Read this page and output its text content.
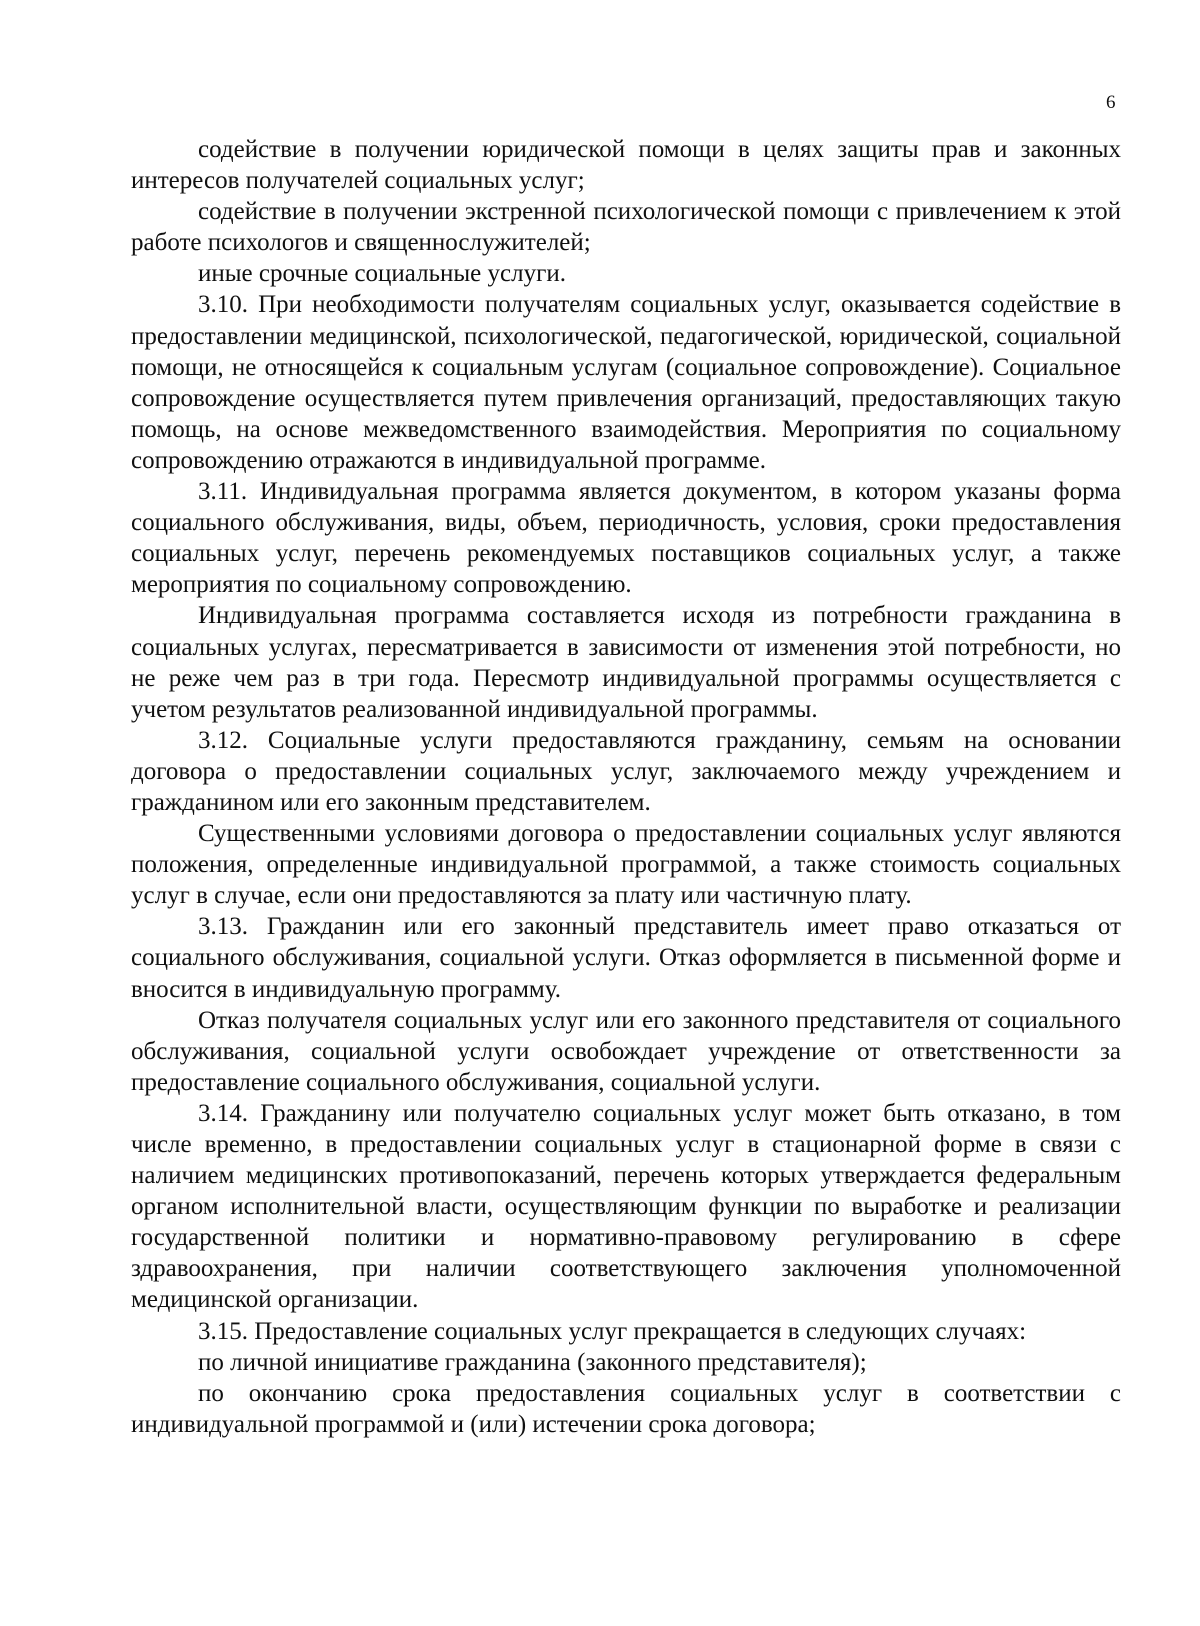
6

содействие в получении юридической помощи в целях защиты прав и законных интересов получателей социальных услуг;

содействие в получении экстренной психологической помощи с привлечением к этой работе психологов и священнослужителей;

иные срочные социальные услуги.

3.10. При необходимости получателям социальных услуг, оказывается содействие в предоставлении медицинской, психологической, педагогической, юридической, социальной помощи, не относящейся к социальным услугам (социальное сопровождение). Социальное сопровождение осуществляется путем привлечения организаций, предоставляющих такую помощь, на основе межведомственного взаимодействия. Мероприятия по социальному сопровождению отражаются в индивидуальной программе.

3.11. Индивидуальная программа является документом, в котором указаны форма социального обслуживания, виды, объем, периодичность, условия, сроки предоставления социальных услуг, перечень рекомендуемых поставщиков социальных услуг, а также мероприятия по социальному сопровождению.

Индивидуальная программа составляется исходя из потребности гражданина в социальных услугах, пересматривается в зависимости от изменения этой потребности, но не реже чем раз в три года. Пересмотр индивидуальной программы осуществляется с учетом результатов реализованной индивидуальной программы.

3.12. Социальные услуги предоставляются гражданину, семьям на основании договора о предоставлении социальных услуг, заключаемого между учреждением и гражданином или его законным представителем.

Существенными условиями договора о предоставлении социальных услуг являются положения, определенные индивидуальной программой, а также стоимость социальных услуг в случае, если они предоставляются за плату или частичную плату.

3.13. Гражданин или его законный представитель имеет право отказаться от социального обслуживания, социальной услуги. Отказ оформляется в письменной форме и вносится в индивидуальную программу.

Отказ получателя социальных услуг или его законного представителя от социального обслуживания, социальной услуги освобождает учреждение от ответственности за предоставление социального обслуживания, социальной услуги.

3.14. Гражданину или получателю социальных услуг может быть отказано, в том числе временно, в предоставлении социальных услуг в стационарной форме в связи с наличием медицинских противопоказаний, перечень которых утверждается федеральным органом исполнительной власти, осуществляющим функции по выработке и реализации государственной политики и нормативно-правовому регулированию в сфере здравоохранения, при наличии соответствующего заключения уполномоченной медицинской организации.

3.15. Предоставление социальных услуг прекращается в следующих случаях:

по личной инициативе гражданина (законного представителя);

по окончанию срока предоставления социальных услуг в соответствии с индивидуальной программой и (или) истечении срока договора;
